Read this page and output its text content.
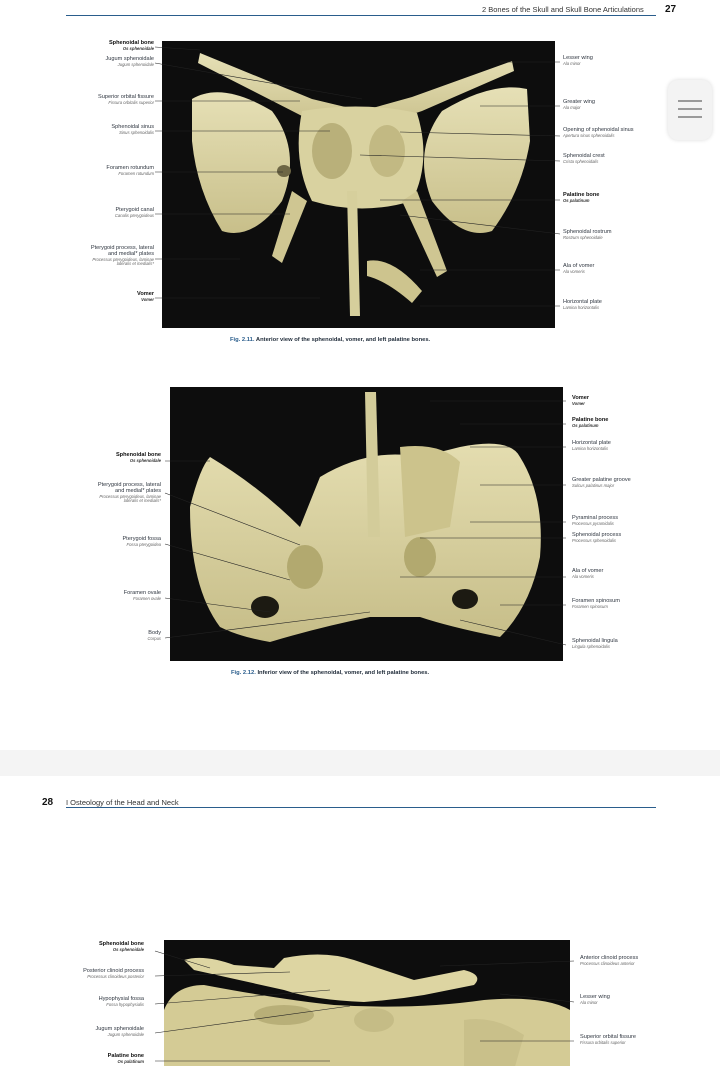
2 Bones of the Skull and Skull Bone Articulations 27
Sphenoidal bone
Os sphenoidale
Jugum sphenoidale
Jugum sphenoidale
Superior orbital fissure
Fissura orbitalis superior
Sphenoidal sinus
Sinus sphenoidalis
Foramen rotundum
Foramen rotundum
Pterygoid canal
Canalis pterygoideus
Pterygoid process, lateral
and medial* plates
Processus pterygoideus, laminae
lateralis et medialis*
Vomer
Vomer
Lesser wing
Ala minor
Greater wing
Ala major
Opening of sphenoidal sinus
Apertura sinus sphenoidalis
Sphenoidal crest
Crista sphenoidalis
Palatine bone
Os palatinum
Sphenoidal rostrum
Rostrum sphenoidale
Ala of vomer
Ala vomeris
Horizontal plate
Lamina horizontalis
Fig. 2.11. Anterior view of the sphenoidal, vomer, and left palatine bones.
Sphenoidal bone
Os sphenoidale
Pterygoid process, lateral
and medial* plates
Processus pterygoideus, laminae
lateralis et medialis*
Pterygoid fossa
Fossa pterygoidea
Foramen ovale
Foramen ovale
Body
Corpus
Vomer
Vomer
Palatine bone
Os palatinum
Horizontal plate
Lamina horizontalis
Greater palatine groove
Sulcus palatinus major
Pyraminal process
Processus pyramidalis
Sphenoidal process
Processus sphenoidalis
Ala of vomer
Ala vomeris
Foramen spinosum
Foramen spinosum
Sphenoidal lingula
Lingula sphenoidalis
Fig. 2.12. Inferior view of the sphenoidal, vomer, and left palatine bones.
28 I Osteology of the Head and Neck
Sphenoidal bone
Os sphenoidale
Posterior clinoid process
Processus clinoideus posterior
Hypophysial fossa
Fossa hypophysialis
Jugum sphenoidale
Jugum sphenoidale
Palatine bone
Os palatinum
Anterior clinoid process
Processus clinoideus anterior
Lesser wing
Ala minor
Superior orbital fissure
Fissura orbitalis superior
